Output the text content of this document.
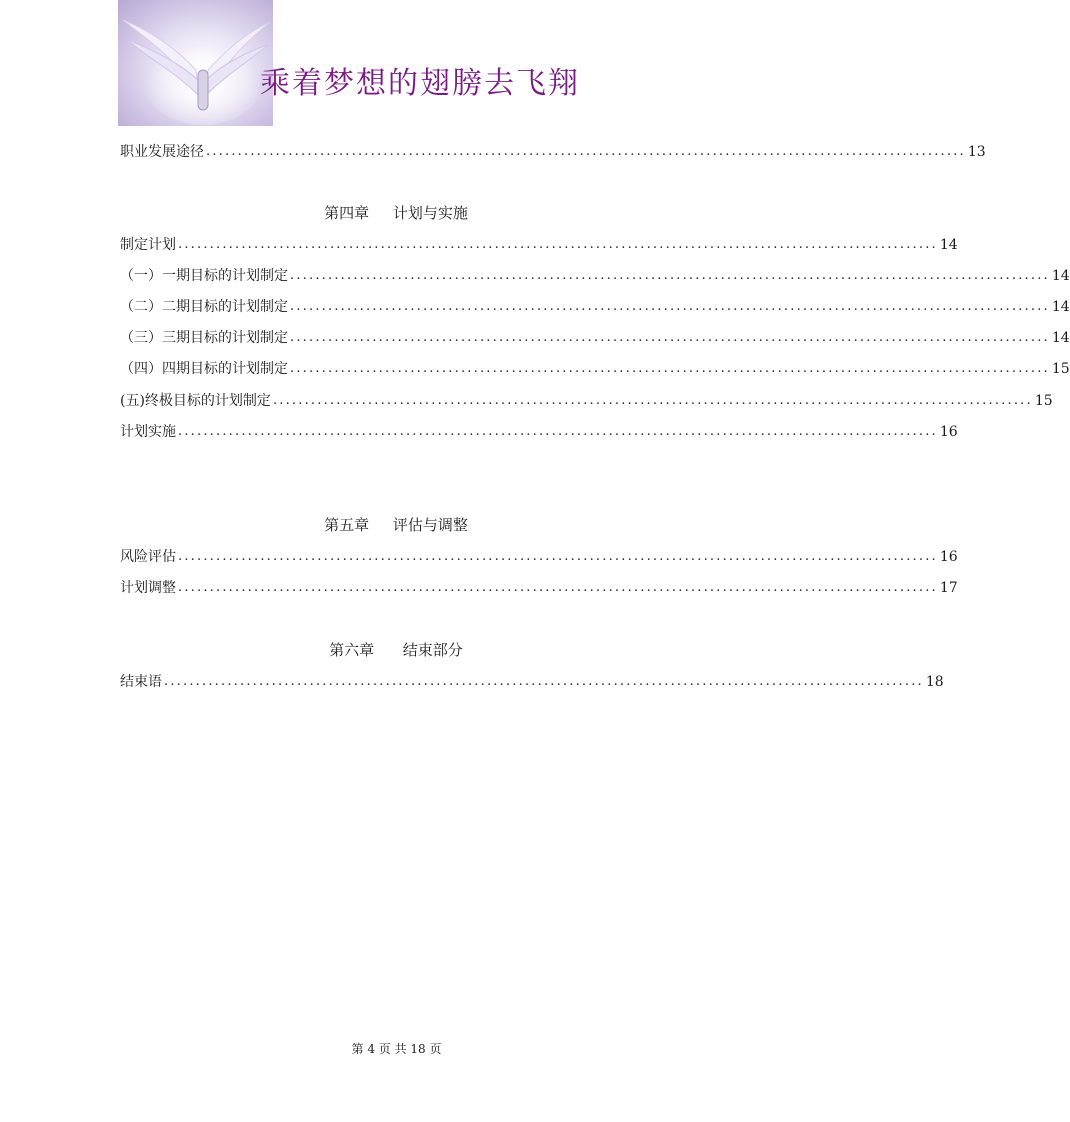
乘着梦想的翅膀去飞翔
职业发展途径 ........................................................................................................................ 13
第四章 计划与实施
制定计划 ........................................................................................................................ 14
（一）一期目标的计划制定 ........................................................................................................................ 14
（二）二期目标的计划制定 ........................................................................................................................ 14
（三）三期目标的计划制定 ........................................................................................................................ 14
（四）四期目标的计划制定 ........................................................................................................................ 15
(五)终极目标的计划制定 ........................................................................................................................ 15
计划实施 ........................................................................................................................ 16
第五章 评估与调整
风险评估 ........................................................................................................................ 16
计划调整 ........................................................................................................................ 17
第六章 结束部分
结束语 ........................................................................................................................ 18
第 4 页 共 18 页
